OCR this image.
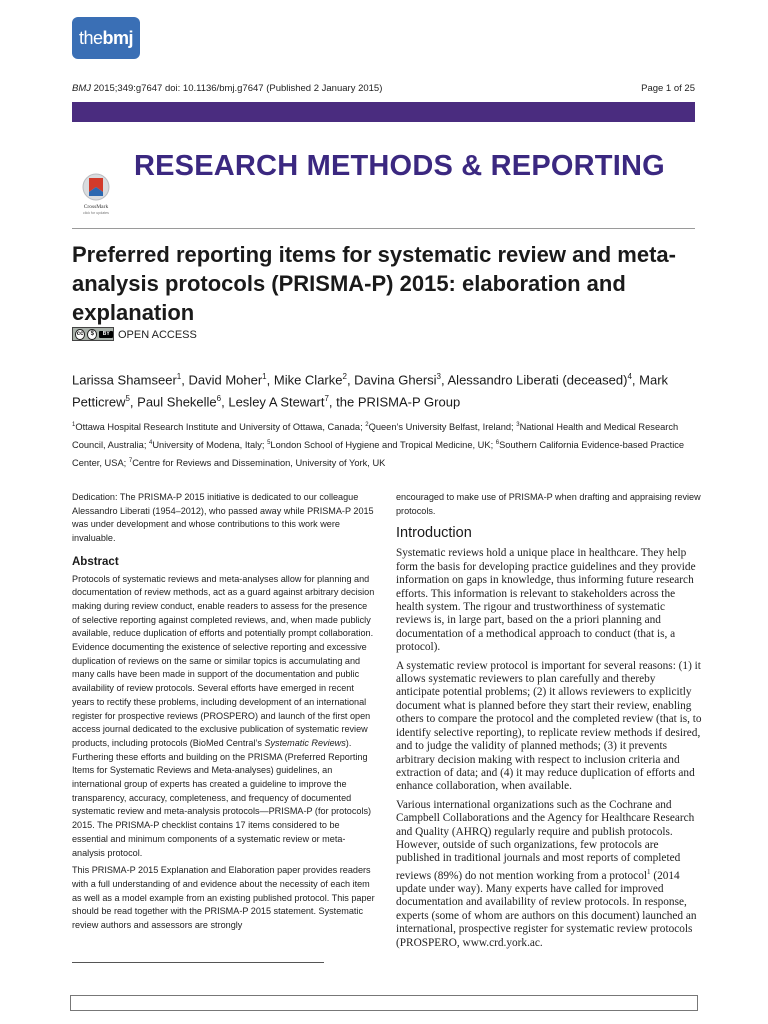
the bmj
BMJ 2015;349:g7647 doi: 10.1136/bmj.g7647 (Published 2 January 2015)	Page 1 of 25
RESEARCH METHODS & REPORTING
CrossMark
click for updates
Preferred reporting items for systematic review and meta-analysis protocols (PRISMA-P) 2015: elaboration and explanation
cc	$	BY OPEN ACCESS
Larissa Shamseer$^1$, David Moher$^1$, Mike Clarke$^2$, Davina Ghersi$^3$, Alessandro Liberati (deceased)$^4$, Mark Petticrew$^5$, Paul Shekelle$^6$, Lesley A Stewart$^7$, the PRISMA-P Group
$^1$Ottawa Hospital Research Institute and University of Ottawa, Canada; $^2$Queen’s University Belfast, Ireland; $^3$National Health and Medical Research Council, Australia; $^4$University of Modena, Italy; $^5$London School of Hygiene and Tropical Medicine, UK; $^6$Southern California Evidence-based Practice Center, USA; $^7$Centre for Reviews and Dissemination, University of York, UK

Dedication: The PRISMA-P 2015 initiative is dedicated to our colleague Alessandro Liberati (1954–2012), who passed away while PRISMA-P 2015 was under development and whose contributions to this work were invaluable.

Abstract

Protocols of systematic reviews and meta-analyses allow for planning and documentation of review methods, act as a guard against arbitrary decision making during review conduct, enable readers to assess for the presence of selective reporting against completed reviews, and, when made publicly available, reduce duplication of efforts and potentially prompt collaboration. Evidence documenting the existence of selective reporting and excessive duplication of reviews on the same or similar topics is accumulating and many calls have been made in support of the documentation and public availability of review protocols. Several efforts have emerged in recent years to rectify these problems, including development of an international register for prospective reviews (PROSPERO) and launch of the first open access journal dedicated to the exclusive publication of systematic review products, including protocols (BioMed Central’s Systematic Reviews). Furthering these efforts and building on the PRISMA (Preferred Reporting Items for Systematic Reviews and Meta-analyses) guidelines, an international group of experts has created a guideline to improve the transparency, accuracy, completeness, and frequency of documented systematic review and meta-analysis protocols—PRISMA-P (for protocols) 2015. The PRISMA-P checklist contains 17 items considered to be essential and minimum components of a systematic review or meta-analysis protocol.

This PRISMA-P 2015 Explanation and Elaboration paper provides readers with a full understanding of and evidence about the necessity of each item as well as a model example from an existing published protocol. This paper should be read together with the PRISMA-P 2015 statement. Systematic review authors and assessors are strongly

encouraged to make use of PRISMA-P when drafting and appraising review protocols.

Introduction

Systematic reviews hold a unique place in healthcare. They help form the basis for developing practice guidelines and they provide information on gaps in knowledge, thus informing future research efforts. This information is relevant to stakeholders across the health system. The rigour and trustworthiness of systematic reviews is, in large part, based on the a priori planning and documentation of a methodical approach to conduct (that is, a protocol).

A systematic review protocol is important for several reasons: (1) it allows systematic reviewers to plan carefully and thereby anticipate potential problems; (2) it allows reviewers to explicitly document what is planned before they start their review, enabling others to compare the protocol and the completed review (that is, to identify selective reporting), to replicate review methods if desired, and to judge the validity of planned methods; (3) it prevents arbitrary decision making with respect to inclusion criteria and extraction of data; and (4) it may reduce duplication of efforts and enhance collaboration, when available.

Various international organizations such as the Cochrane and Campbell Collaborations and the Agency for Healthcare Research and Quality (AHRQ) regularly require and publish protocols. However, outside of such organizations, few protocols are published in traditional journals and most reports of completed reviews (89%) do not mention working from a protocol$^1$ (2014 update under way). Many experts have called for improved documentation and availability of review protocols. In response, experts (some of whom are authors on this document) launched an international, prospective register for systematic review protocols (PROSPERO, www.crd.york.ac.
